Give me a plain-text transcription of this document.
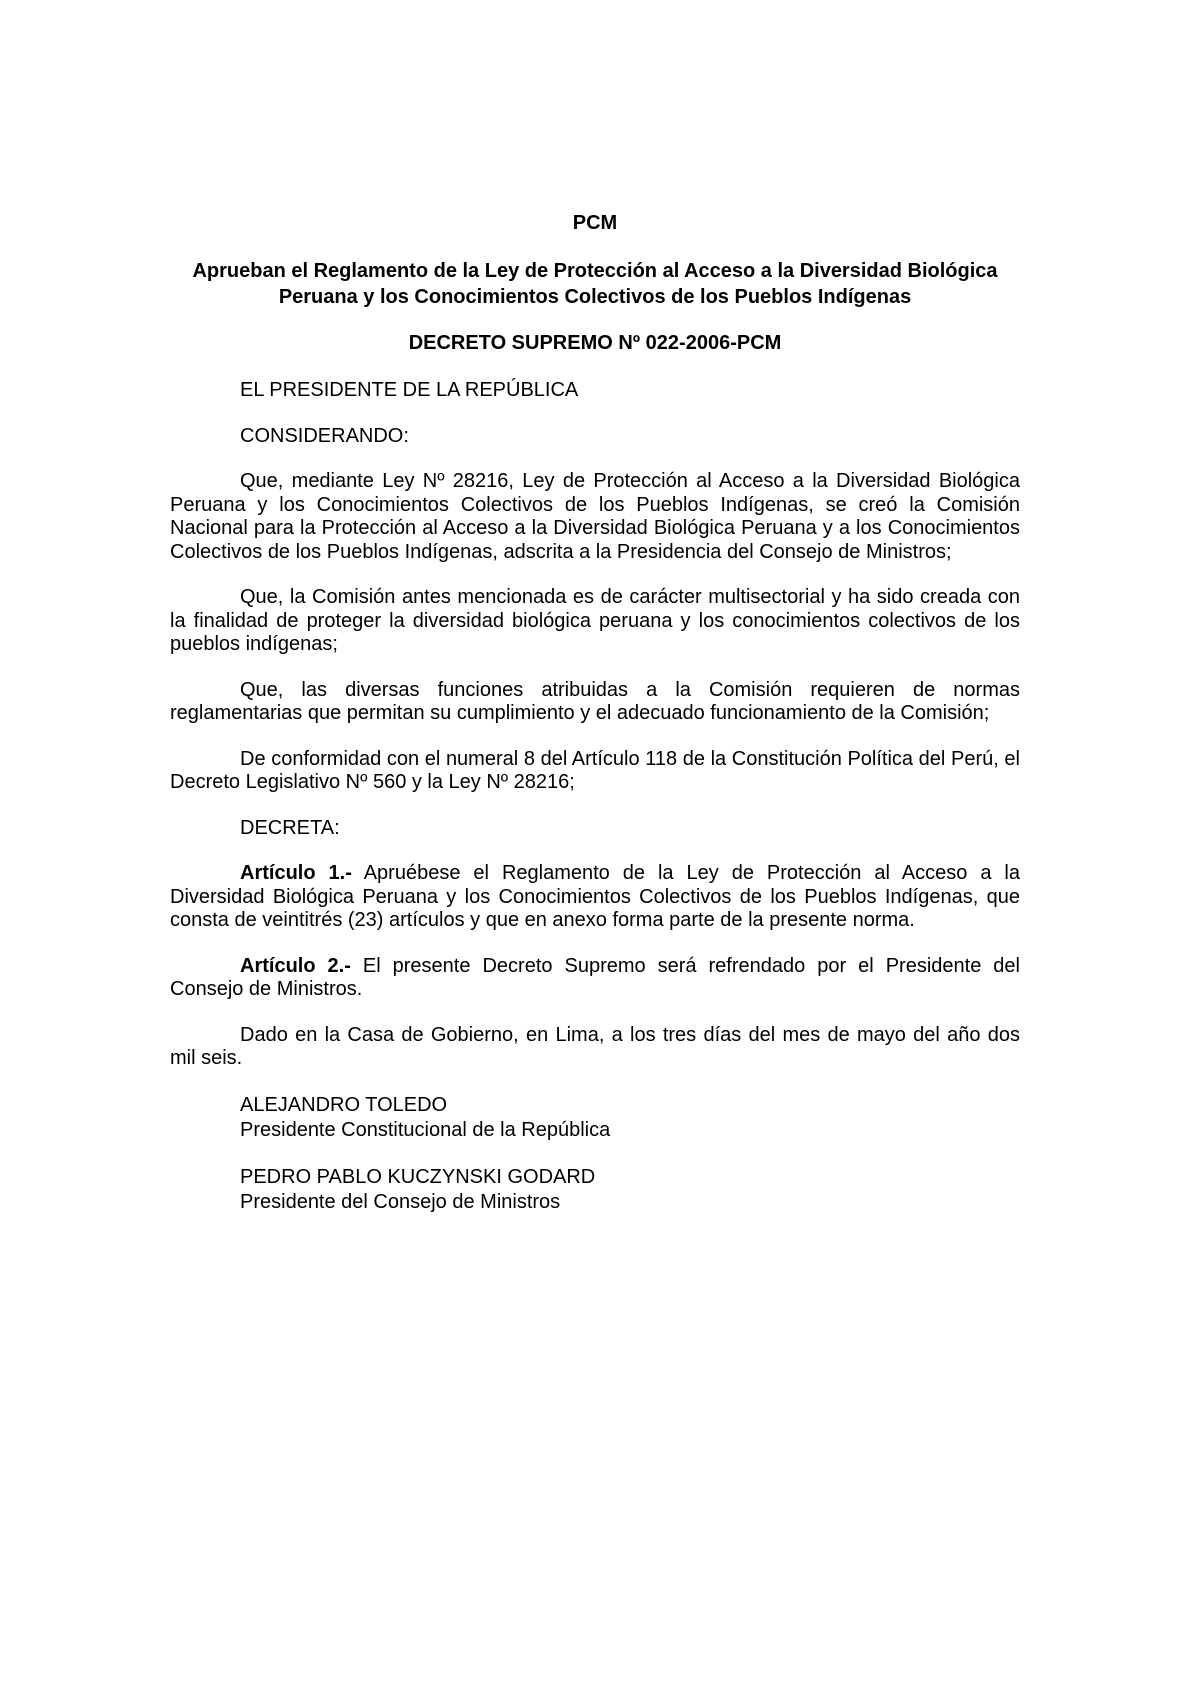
PCM
Aprueban el Reglamento de la Ley de Protección al Acceso a la Diversidad Biológica
Peruana y los Conocimientos Colectivos de los Pueblos Indígenas
DECRETO SUPREMO Nº 022-2006-PCM

EL PRESIDENTE DE LA REPÚBLICA

CONSIDERANDO:

Que, mediante Ley Nº 28216, Ley de Protección al Acceso a la Diversidad Biológica Peruana y los Conocimientos Colectivos de los Pueblos Indígenas, se creó la Comisión Nacional para la Protección al Acceso a la Diversidad Biológica Peruana y a los Conocimientos Colectivos de los Pueblos Indígenas, adscrita a la Presidencia del Consejo de Ministros;

Que, la Comisión antes mencionada es de carácter multisectorial y ha sido creada con la finalidad de proteger la diversidad biológica peruana y los conocimientos colectivos de los pueblos indígenas;

Que, las diversas funciones atribuidas a la Comisión requieren de normas reglamentarias que permitan su cumplimiento y el adecuado funcionamiento de la Comisión;

De conformidad con el numeral 8 del Artículo 118 de la Constitución Política del Perú, el Decreto Legislativo Nº 560 y la Ley Nº 28216;

DECRETA:

Artículo 1.- Apruébese el Reglamento de la Ley de Protección al Acceso a la Diversidad Biológica Peruana y los Conocimientos Colectivos de los Pueblos Indígenas, que consta de veintitrés (23) artículos y que en anexo forma parte de la presente norma.

Artículo 2.- El presente Decreto Supremo será refrendado por el Presidente del Consejo de Ministros.

Dado en la Casa de Gobierno, en Lima, a los tres días del mes de mayo del año dos mil seis.

ALEJANDRO TOLEDO
Presidente Constitucional de la República
PEDRO PABLO KUCZYNSKI GODARD
Presidente del Consejo de Ministros
